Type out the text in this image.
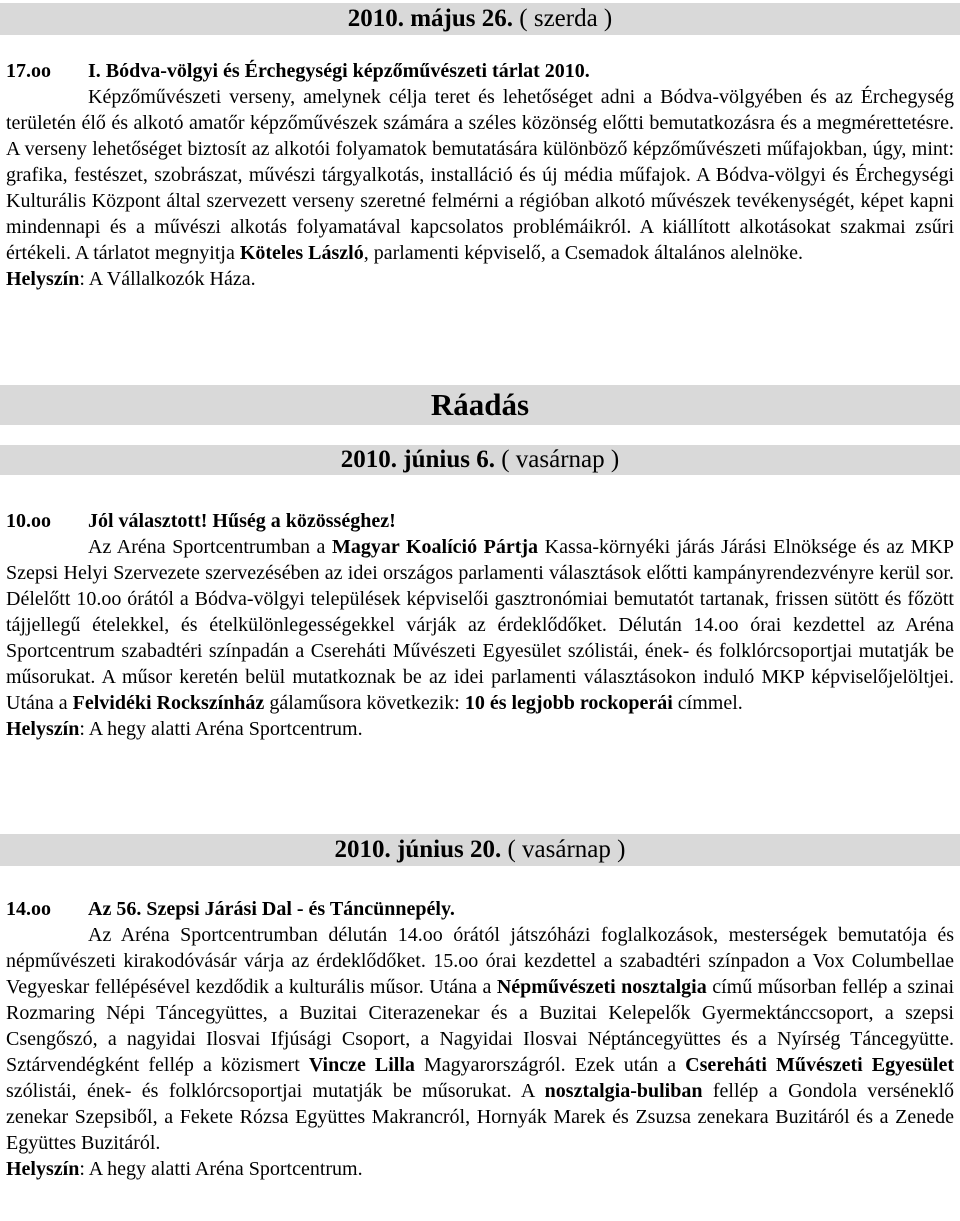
2010. május 26. ( szerda )
17.oo I. Bódva-völgyi és Érchegységi képzőművészeti tárlat 2010.
Képzőművészeti verseny, amelynek célja teret és lehetőséget adni a Bódva-völgyében és az Érchegység területén élő és alkotó amatőr képzőművészek számára a széles közönség előtti bemutatkozásra és a megmérettetésre. A verseny lehetőséget biztosít az alkotói folyamatok bemutatására különböző képzőművészeti műfajokban, úgy, mint: grafika, festészet, szobrászat, művészi tárgyalkotás, installáció és új média műfajok. A Bódva-völgyi és Érchegységi Kulturális Központ által szervezett verseny szeretné felmérni a régióban alkotó művészek tevékenységét, képet kapni mindennapi és a művészi alkotás folyamatával kapcsolatos problémáikról. A kiállított alkotásokat szakmai zsűri értékeli. A tárlatot megnyitja Köteles László, parlamenti képviselő, a Csemadok általános alelnöke.
Helyszín: A Vállalkozók Háza.
Ráadás
2010. június 6. ( vasárnap )
10.oo Jól választott! Hűség a közösséghez!
Az Aréna Sportcentrumban a Magyar Koalíció Pártja Kassa-környéki járás Járási Elnöksége és az MKP Szepsi Helyi Szervezete szervezésében az idei országos parlamenti választások előtti kampányrendezvényre kerül sor. Délelőtt 10.oo órától a Bódva-völgyi települések képviselői gasztronómiai bemutatót tartanak, frissen sütött és főzött tájjellegű ételekkel, és ételkülönlegességekkel várják az érdeklődőket. Délután 14.oo órai kezdettel az Aréna Sportcentrum szabadtéri színpadán a Csereháti Művészeti Egyesület szólistái, ének- és folklórcsoportjai mutatják be műsorukat. A műsor keretén belül mutatkoznak be az idei parlamenti választásokon induló MKP képviselőjelöltjei. Utána a Felvidéki Rockszínház gálaműsora következik: 10 és legjobb rockoperái címmel.
Helyszín: A hegy alatti Aréna Sportcentrum.
2010. június 20. ( vasárnap )
14.oo Az 56. Szepsi Járási Dal - és Táncünnepély.
Az Aréna Sportcentrumban délután 14.oo órától játszóházi foglalkozások, mesterségek bemutatója és népművészeti kirakodóvásár várja az érdeklődőket. 15.oo órai kezdettel a szabadtéri színpadon a Vox Columbellae Vegyeskar fellépésével kezdődik a kulturális műsor. Utána a Népművészeti nosztalgia című műsorban fellép a szinai Rozmaring Népi Táncegyüttes, a Buzitai Citerazenekar és a Buzitai Kelepelők Gyermektánccsoport, a szepsi Csengőszó, a nagyidai Ilosvai Ifjúsági Csoport, a Nagyidai Ilosvai Néptáncegyüttes és a Nyírség Táncegyütte. Sztárvendégként fellép a közismert Vincze Lilla Magyarországról. Ezek után a Csereháti Művészeti Egyesület szólistái, ének- és folklórcsoportjai mutatják be műsorukat. A nosztalgia-buliban fellép a Gondola verséneklő zenekar Szepsiből, a Fekete Rózsa Együttes Makrancról, Hornyák Marek és Zsuzsa zenekara Buzitáról és a Zenede Együttes Buzitáról.
Helyszín: A hegy alatti Aréna Sportcentrum.
